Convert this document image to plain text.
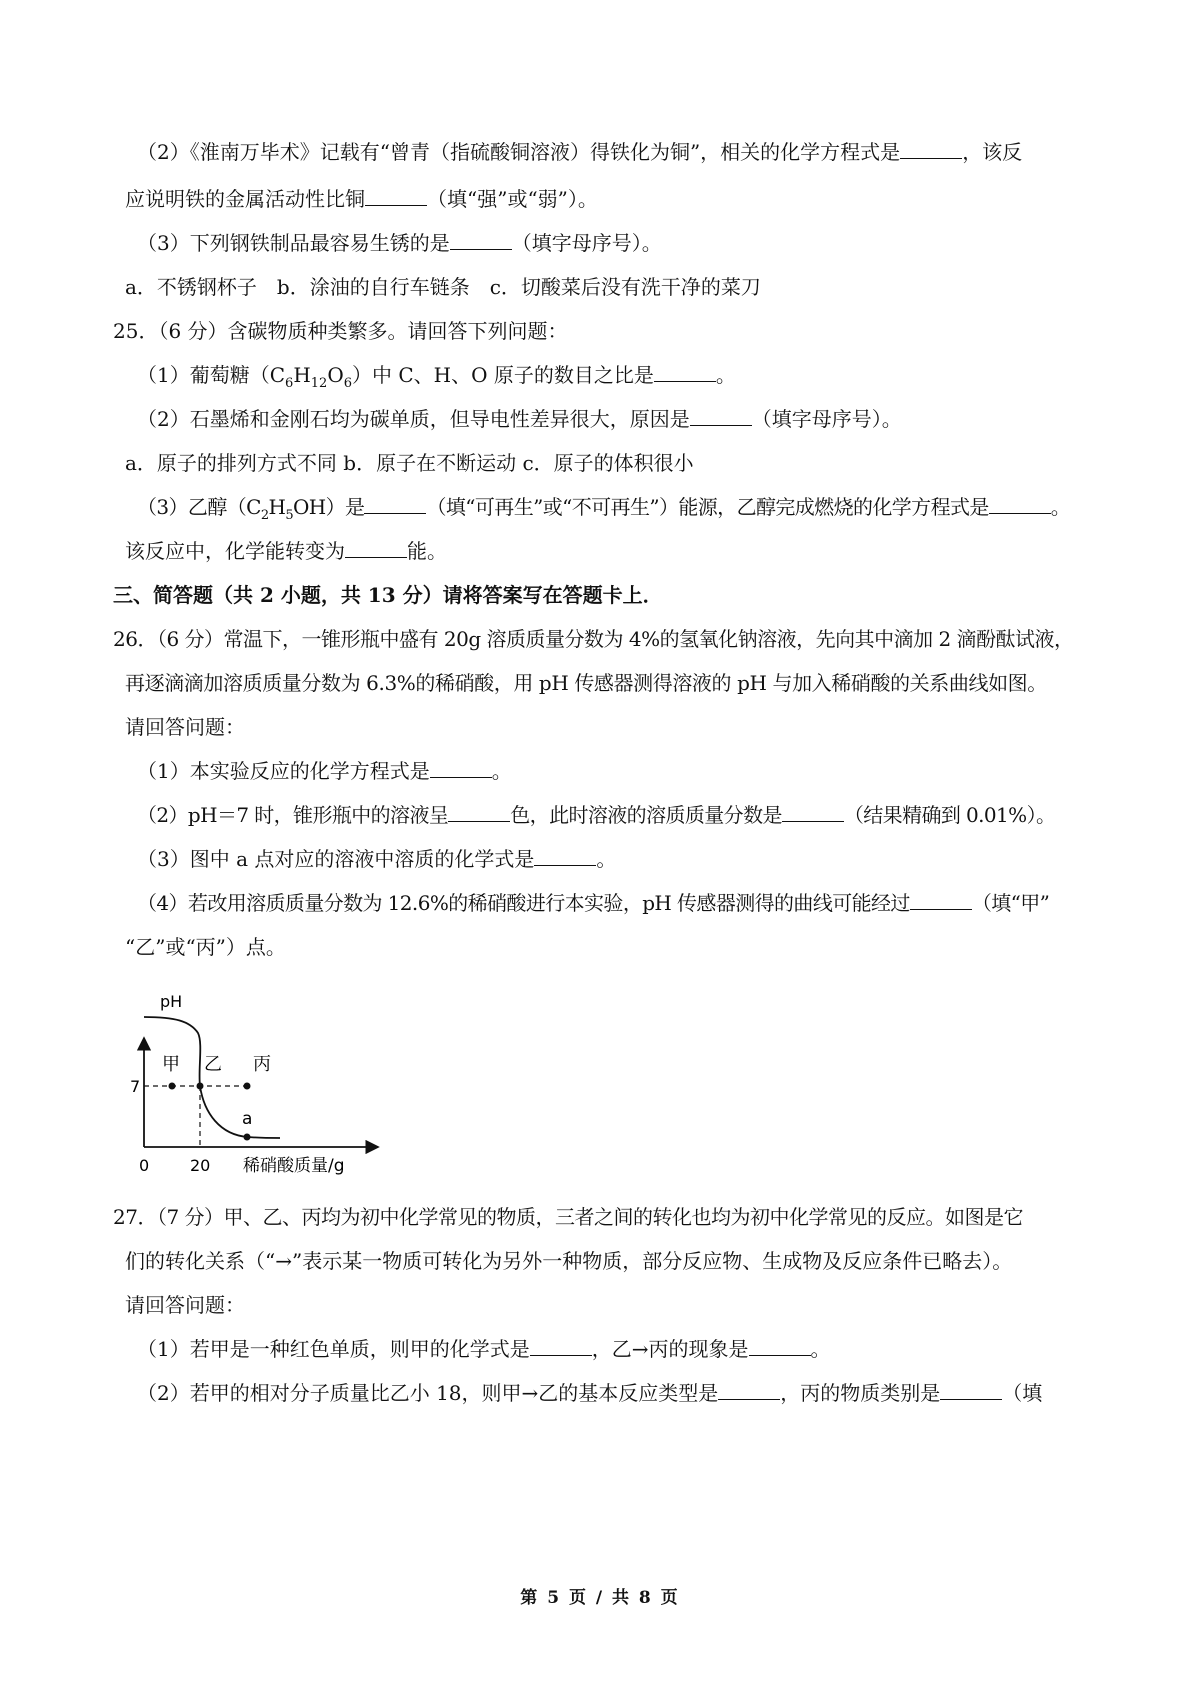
（2）《淮南万毕术》记载有“曾青（指硫酸铜溶液）得铁化为铜”，相关的化学方程式是	，该反
应说明铁的金属活动性比铜	（填“强”或“弱”）。
（3）下列钢铁制品最容易生锈的是	（填字母序号）。
a．不锈钢杯子　b．涂油的自行车链条　c．切酸菜后没有洗干净的菜刀
25．（6 分）含碳物质种类繁多。请回答下列问题：
（1）葡萄糖$(C_6H_{12}O_6)$中 C、H、O 原子的数目之比是	。
（2）石墨烯和金刚石均为碳单质，但导电性差异很大，原因是	（填字母序号）。
a．原子的排列方式不同 b．原子在不断运动 c．原子的体积很小
（3）乙醇$(C_2H_5OH)$是	（填“可再生”或“不可再生”）能源，乙醇完成燃烧的化学方程式是	。
该反应中，化学能转变为	能。
三、简答题（共 2 小题，共 13 分）请将答案写在答题卡上．
26．（6 分）常温下，一锥形瓶中盛有 20g 溶质质量分数为 4%的氢氧化钠溶液，先向其中滴加 2 滴酚酞试液，
再逐滴滴加溶质质量分数为 6.3%的稀硝酸，用 pH 传感器测得溶液的 pH 与加入稀硝酸的关系曲线如图。
请回答问题：
（1）本实验反应的化学方程式是	。
（2）pH＝7 时，锥形瓶中的溶液呈	色，此时溶液的溶质质量分数是	（结果精确到 0.01%）。
（3）图中 a 点对应的溶液中溶质的化学式是	。
（4）若改用溶质质量分数为 12.6%的稀硝酸进行本实验，pH 传感器测得的曲线可能经过	（填“甲”
“乙”或“丙”）点。
pH
7
0	20 稀硝酸质量/g
甲 乙 丙
a
27．（7 分）甲、乙、丙均为初中化学常见的物质，三者之间的转化也均为初中化学常见的反应。如图是它
们的转化关系（“→”表示某一物质可转化为另外一种物质，部分反应物、生成物及反应条件已略去）。
请回答问题：
（1）若甲是一种红色单质，则甲的化学式是	，乙→丙的现象是	。
（2）若甲的相对分子质量比乙小 18，则甲→乙的基本反应类型是	，丙的物质类别是	（填
第 5 页 / 共 8 页
